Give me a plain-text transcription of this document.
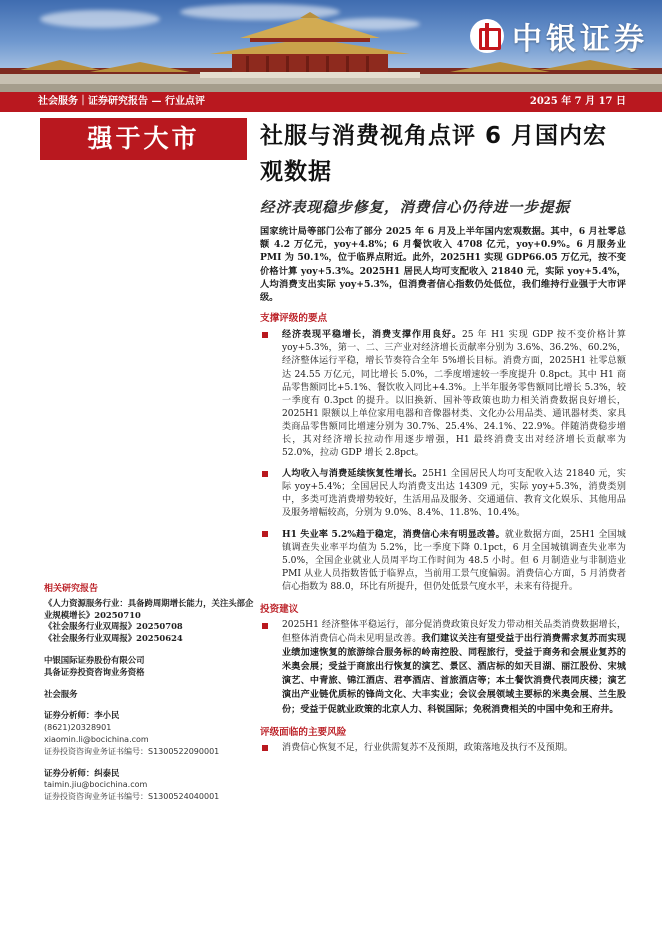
中银证券
社会服务｜证券研究报告 — 行业点评	2025 年 7 月 17 日
强于大市	社服与消费视角点评 6 月国内宏观数据
经济表现稳步修复，消费信心仍待进一步提振
国家统计局等部门公布了部分 2025 年 6 月及上半年国内宏观数据。其中，6 月社零总额 4.2 万亿元，yoy+4.8%；6 月餐饮收入 4708 亿元，yoy+0.9%。6 月服务业 PMI 为 50.1%，位于临界点附近。此外，2025H1 实现 GDP66.05 万亿元，按不变价格计算 yoy+5.3%。2025H1 居民人均可支配收入 21840 元，实际 yoy+5.4%，人均消费支出实际 yoy+5.3%，但消费者信心指数仍处低位，我们维持行业强于大市评级。
支撑评级的要点
经济表现平稳增长，消费支撑作用良好。25 年 H1 实现 GDP 按不变价格计算 yoy+5.3%，第一、二、三产业对经济增长贡献率分别为 3.6%、36.2%、60.2%，经济整体运行平稳，增长节奏符合全年 5%增长目标。消费方面，2025H1 社零总额达 24.55 万亿元，同比增长 5.0%，二季度增速较一季度提升 0.8pct。其中 H1 商品零售额同比+5.1%、餐饮收入同比+4.3%。上半年服务零售额同比增长 5.3%，较一季度有 0.3pct 的提升。以旧换新、国补等政策也助力相关消费数据良好增长，2025H1 限额以上单位家用电器和音像器材类、文化办公用品类、通讯器材类、家具类商品零售额同比增速分别为 30.7%、25.4%、24.1%、22.9%。伴随消费稳步增长，其对经济增长拉动作用逐步增强，H1 最终消费支出对经济增长贡献率为 52.0%，拉动 GDP 增长 2.8pct。
人均收入与消费延续恢复性增长。25H1 全国居民人均可支配收入达 21840 元，实际 yoy+5.4%；全国居民人均消费支出达 14309 元，实际 yoy+5.3%，消费类别中，多类可选消费增势较好，生活用品及服务、交通通信、教育文化娱乐、其他用品及服务增幅较高，分别为 9.0%、8.4%、11.8%、10.4%。
H1 失业率 5.2%趋于稳定，消费信心未有明显改善。就业数据方面，25H1 全国城镇调查失业率平均值为 5.2%，比一季度下降 0.1pct，6 月全国城镇调查失业率为 5.0%，全国企业就业人员周平均工作时间为 48.5 小时。但 6 月制造业与非制造业 PMI 从业人员指数皆低于临界点，当前用工景气度偏弱。消费信心方面，5 月消费者信心指数为 88.0，环比有所提升，但仍处低景气度水平，未来有待提升。
投资建议
2025H1 经济整体平稳运行，部分促消费政策良好发力带动相关品类消费数据增长，但整体消费信心尚未见明显改善。我们建议关注有望受益于出行消费需求复苏而实现业绩加速恢复的旅游综合服务标的岭南控股、同程旅行，受益于商务和会展业复苏的米奥会展；受益于商旅出行恢复的演艺、景区、酒店标的如天目湖、丽江股份、宋城演艺、中青旅、锦江酒店、君亭酒店、首旅酒店等；本土餐饮消费代表同庆楼；演艺演出产业链优质标的锋尚文化、大丰实业；会议会展领域主要标的米奥会展、兰生股份；受益于促就业政策的北京人力、科锐国际；免税消费相关的中国中免和王府井。
评级面临的主要风险
消费信心恢复不足，行业供需复苏不及预期，政策落地及执行不及预期。
相关研究报告
《人力资源服务行业：具备跨周期增长能力，关注头部企业规模增长》20250710
《社会服务行业双周报》20250708
《社会服务行业双周报》20250624
中银国际证券股份有限公司
具备证券投资咨询业务资格
社会服务
证券分析师：李小民
(8621)20328901
xiaomin.li@bocichina.com
证券投资咨询业务证书编号：S1300522090001
证券分析师：纠泰民
taimin.jiu@bocichina.com
证券投资咨询业务证书编号：S1300524040001
